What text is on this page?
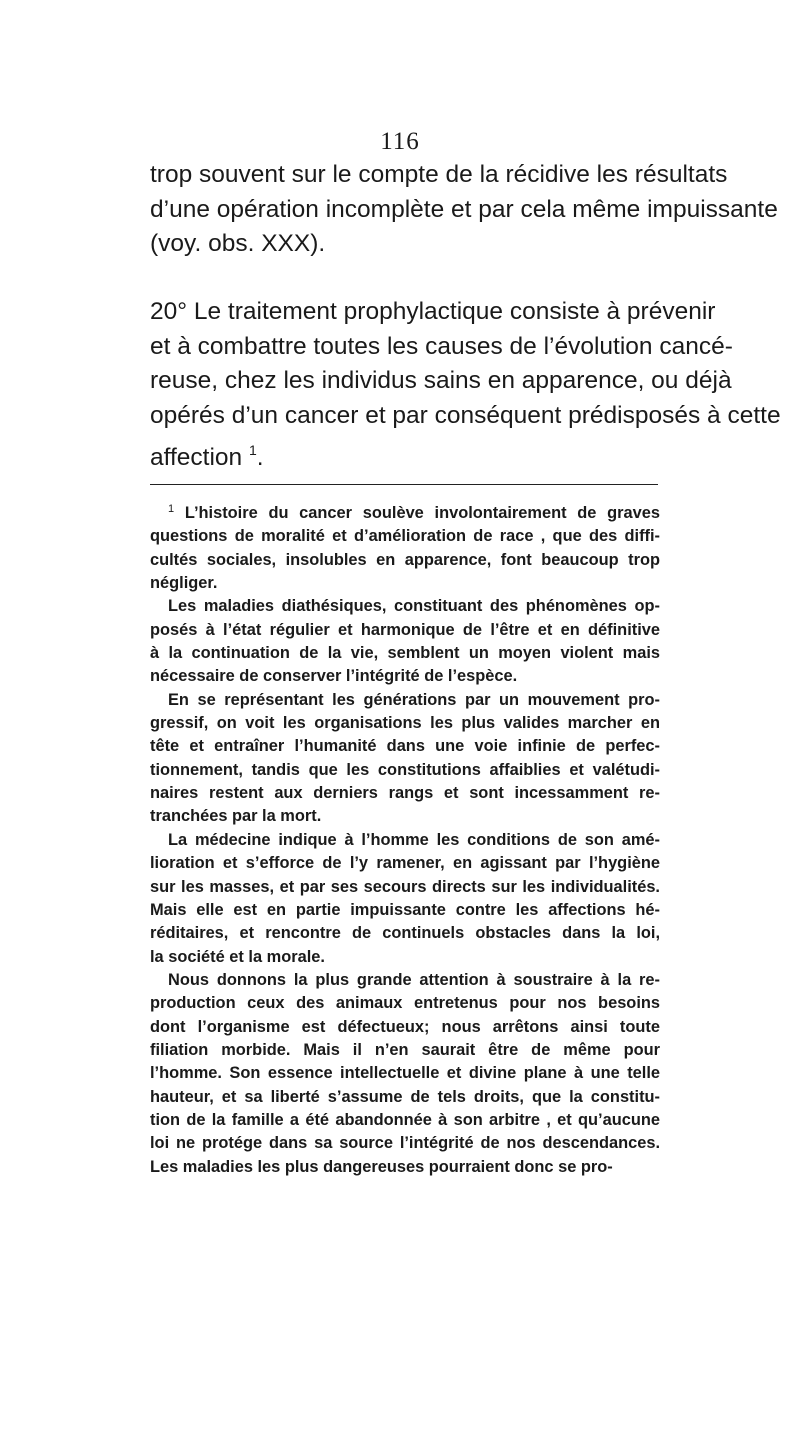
116
trop souvent sur le compte de la récidive les résultats
d’une opération incomplète et par cela même impuissante
(voy. obs. XXX).
20° Le traitement prophylactique consiste à prévenir
et à combattre toutes les causes de l’évolution cancé-
reuse, chez les individus sains en apparence, ou déjà
opérés d’un cancer et par conséquent prédisposés à cette
affection $^1$.
$^1$ L’histoire du cancer soulève involontairement de graves
questions de moralité et d’amélioration de race , que des diffi-
cultés sociales, insolubles en apparence, font beaucoup trop
négliger.
Les maladies diathésiques, constituant des phénomènes op-
posés à l’état régulier et harmonique de l’être et en définitive
à la continuation de la vie, semblent un moyen violent mais
nécessaire de conserver l’intégrité de l’espèce.
En se représentant les générations par un mouvement pro-
gressif, on voit les organisations les plus valides marcher en
tête et entraîner l’humanité dans une voie infinie de perfec-
tionnement, tandis que les constitutions affaiblies et valétudi-
naires restent aux derniers rangs et sont incessamment re-
tranchées par la mort.
La médecine indique à l’homme les conditions de son amé-
lioration et s’efforce de l’y ramener, en agissant par l’hygiène
sur les masses, et par ses secours directs sur les individualités.
Mais elle est en partie impuissante contre les affections hé-
réditaires, et rencontre de continuels obstacles dans la loi,
la société et la morale.
Nous donnons la plus grande attention à soustraire à la re-
production ceux des animaux entretenus pour nos besoins
dont l’organisme est défectueux; nous arrêtons ainsi toute
filiation morbide. Mais il n’en saurait être de même pour
l’homme. Son essence intellectuelle et divine plane à une telle
hauteur, et sa liberté s’assume de tels droits, que la constitu-
tion de la famille a été abandonnée à son arbitre , et qu’aucune
loi ne protége dans sa source l’intégrité de nos descendances.
Les maladies les plus dangereuses pourraient donc se pro-
